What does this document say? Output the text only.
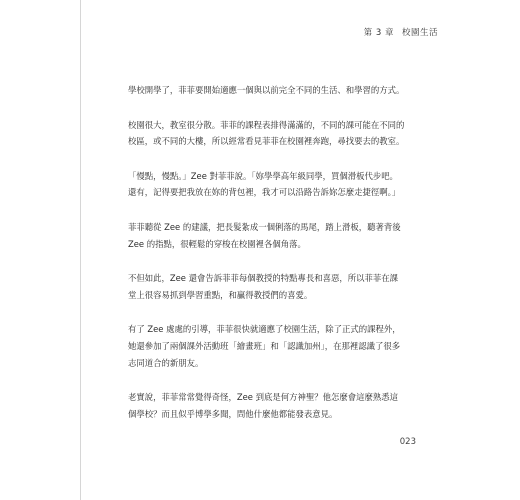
第 3 章 校園生活

學校開學了，菲菲要開始適應一個與以前完全不同的生活、和學習的方式。

校園很大，教室很分散。菲菲的課程表排得滿滿的，不同的課可能在不同的校區，或不同的大樓，所以經常看見菲菲在校園裡奔跑，尋找要去的教室。

「慢點，慢點。」Zee 對菲菲說。「妳學學高年級同學，買個滑板代步吧。還有，記得要把我放在妳的背包裡，我才可以沿路告訴妳怎麼走捷徑啊。」

菲菲聽從 Zee 的建議，把長髮紮成一個俐落的馬尾，踏上滑板，聽著背後 Zee 的指點，很輕鬆的穿梭在校園裡各個角落。

不但如此，Zee 還會告訴菲菲每個教授的特點專長和喜惡，所以菲菲在課堂上很容易抓到學習重點，和贏得教授們的喜愛。

有了 Zee 處處的引導，菲菲很快就適應了校園生活，除了正式的課程外，她還參加了兩個課外活動班「繪畫班」和「認識加州」，在那裡認識了很多志同道合的新朋友。

老實說，菲菲常常覺得奇怪，Zee 到底是何方神聖？他怎麼會這麼熟悉這個學校？而且似乎博學多聞，問他什麼他都能發表意見。

023
